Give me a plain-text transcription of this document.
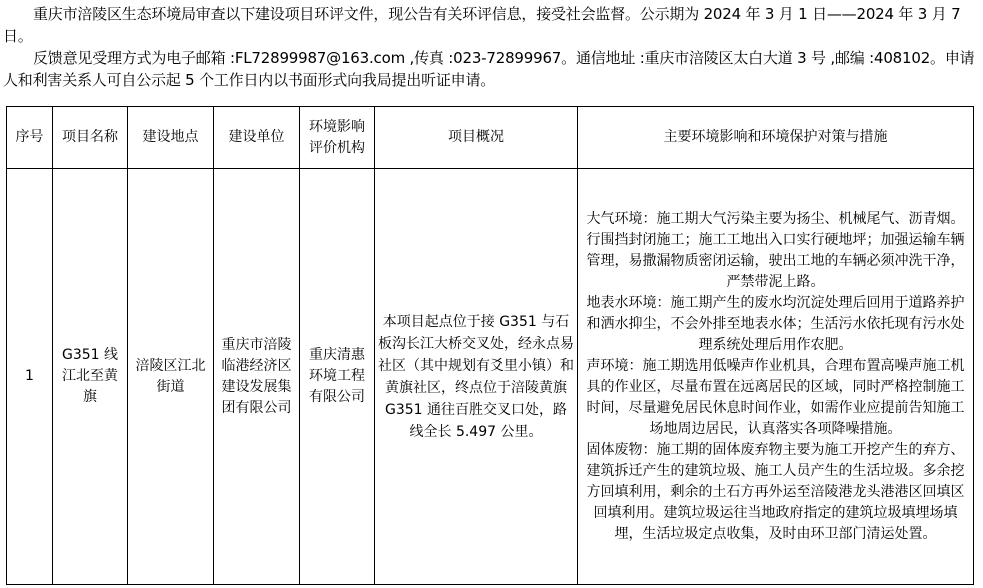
重庆市涪陵区生态环境局审查以下建设项目环评文件，现公告有关环评信息，接受社会监督。公示期为 2024 年 3 月 1 日——2024 年 3 月 7 日。

反馈意见受理方式为电子邮箱 :FL72899987@163.com ,传真 :023-72899967。通信地址 :重庆市涪陵区太白大道 3 号 ,邮编 :408102。申请人和利害关系人可自公示起 5 个工作日内以书面形式向我局提出听证申请。

序号	项目名称	建设地点	建设单位	环境影响评价机构	项目概况	主要环境影响和环境保护对策与措施
1	G351 线江北至黄旗	涪陵区江北街道	重庆市涪陵临港经济区建设发展集团有限公司	重庆清惠环境工程有限公司	本项目起点位于接 G351 与石板沟长江大桥交叉处，经永点易社区（其中规划有爻里小镇）和黄旗社区，终点位于涪陵黄旗 G351 通往百胜交叉口处，路线全长 5.497 公里。	大气环境：施工期大气污染主要为扬尘、机械尾气、沥青烟。行围挡封闭施工；施工工地出入口实行硬地坪；加强运输车辆管理，易撒漏物质密闭运输，驶出工地的车辆必须冲洗干净，严禁带泥上路。

地表水环境：施工期产生的废水均沉淀处理后回用于道路养护和洒水抑尘，不会外排至地表水体；生活污水依托现有污水处理系统处理后用作农肥。

声环境：施工期选用低噪声作业机具，合理布置高噪声施工机具的作业区，尽量布置在远离居民的区域，同时严格控制施工时间，尽量避免居民休息时间作业，如需作业应提前告知施工场地周边居民，认真落实各项降噪措施。

固体废物：施工期的固体废弃物主要为施工开挖产生的弃方、建筑拆迁产生的建筑垃圾、施工人员产生的生活垃圾。多余挖方回填利用，剩余的土石方再外运至涪陵港龙头港港区回填区回填利用。建筑垃圾运往当地政府指定的建筑垃圾填埋场填埋，生活垃圾定点收集，及时由环卫部门清运处置。
